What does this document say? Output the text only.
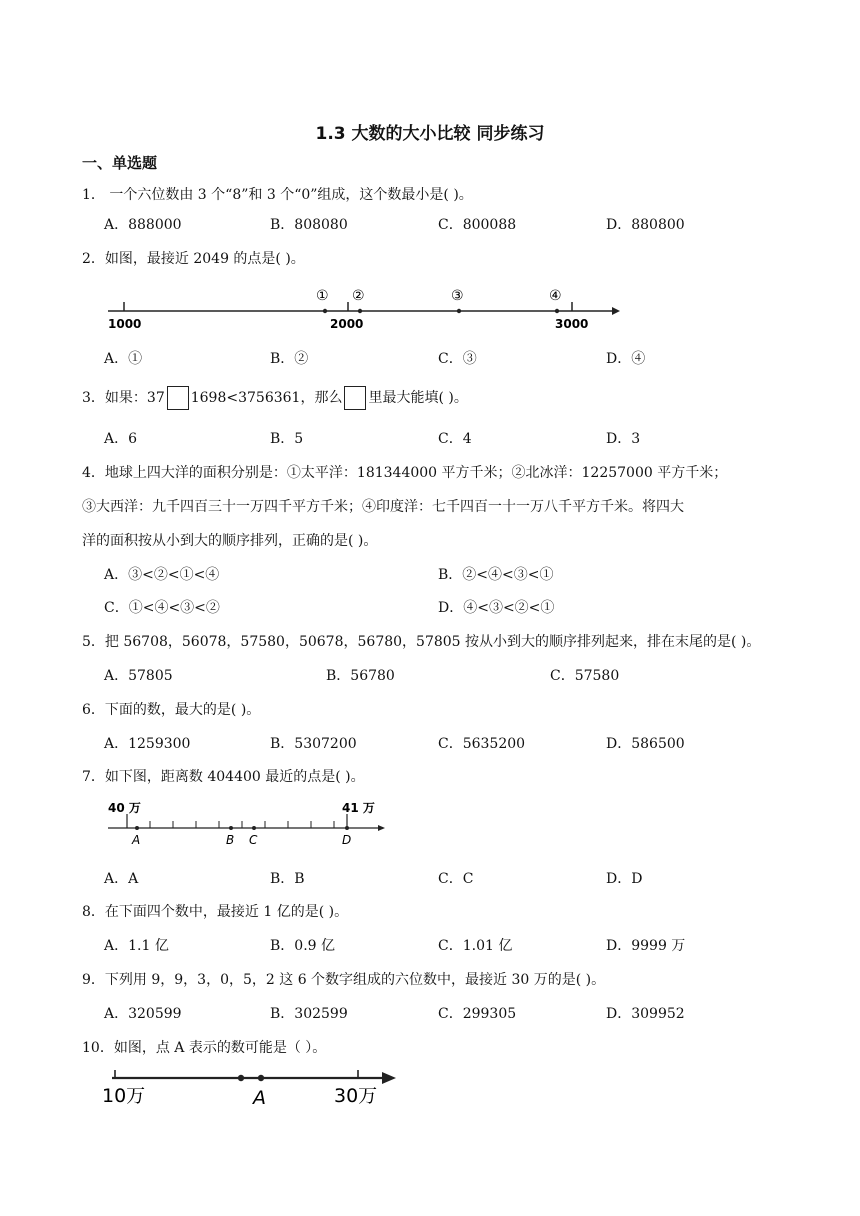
1.3 大数的大小比较 同步练习
一、单选题
1． 一个六位数由 3 个“8”和 3 个“0”组成，这个数最小是( )。
A．888000	B．808080	C．800088	D．880800
2．如图，最接近 2049 的点是( )。
1000	2000	3000
① ②	③	④
A．①	B．②	C．③	D．④
3．如果：37 1698<3756361，那么 里最大能填( )。
A．6	B．5	C．4	D．3
4．地球上四大洋的面积分别是：①太平洋：181344000 平方千米；②北冰洋：12257000 平方千米；
③大西洋：九千四百三十一万四千平方千米；④印度洋：七千四百一十一万八千平方千米。将四大
洋的面积按从小到大的顺序排列，正确的是( )。
A．③<②<①<④	B．②<④<③<①
C．①<④<③<②	D．④<③<②<①
5．把 56708，56078，57580，50678，56780，57805 按从小到大的顺序排列起来，排在末尾的是( )。
A．57805	B．56780	C．57580
6．下面的数，最大的是( )。
A．1259300	B．5307200	C．5635200	D．586500
7．如下图，距离数 404400 最近的点是( )。
40 万	41 万
A	B C	D
A．A	B．B	C．C	D．D
8．在下面四个数中，最接近 1 亿的是( )。
A．1.1 亿	B．0.9 亿	C．1.01 亿	D．9999 万
9．下列用 9，9，3，0，5，2 这 6 个数字组成的六位数中，最接近 30 万的是( )。
A．320599	B．302599	C．299305	D．309952
10．如图，点 A 表示的数可能是（ ）。
10万	30万
A
